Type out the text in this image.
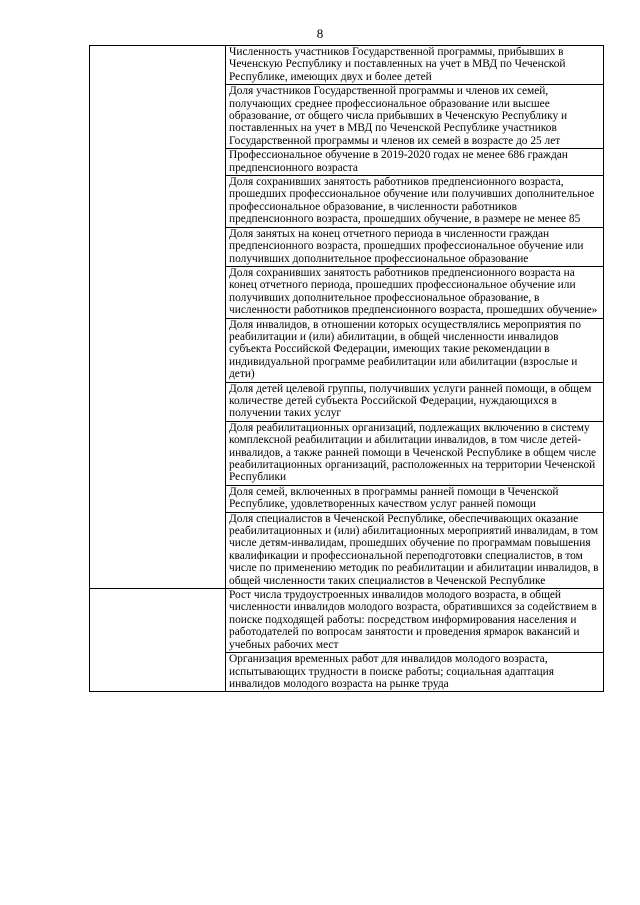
8
	Численность участников Государственной программы, прибывших в Чеченскую Республику и поставленных на учет в МВД по Чеченской Республике, имеющих двух и более детей
	Доля участников Государственной программы и членов их семей, получающих среднее профессиональное образование или высшее образование, от общего числа прибывших в Чеченскую Республику и поставленных на учет в МВД по Чеченской Республике участников Государственной программы и членов их семей в возрасте до 25 лет
	Профессиональное обучение в 2019-2020 годах не менее 686 граждан предпенсионного возраста
	Доля сохранивших занятость работников предпенсионного возраста, прошедших профессиональное обучение или получивших дополнительное профессиональное образование, в численности работников предпенсионного возраста, прошедших обучение, в размере не менее 85
	Доля занятых на конец отчетного периода в численности граждан предпенсионного возраста, прошедших профессиональное обучение или получивших дополнительное профессиональное образование
	Доля сохранивших занятость работников предпенсионного возраста на конец отчетного периода, прошедших профессиональное обучение или получивших дополнительное профессиональное образование, в численности работников предпенсионного возраста, прошедших обучение»
	Доля инвалидов, в отношении которых осуществлялись мероприятия по реабилитации и (или) абилитации, в общей численности инвалидов субъекта Российской Федерации, имеющих такие рекомендации в индивидуальной программе реабилитации или абилитации (взрослые и дети)
	Доля детей целевой группы, получивших услуги ранней помощи, в общем количестве детей субъекта Российской Федерации, нуждающихся в получении таких услуг
	Доля реабилитационных организаций, подлежащих включению в систему комплексной реабилитации и абилитации инвалидов, в том числе детей-инвалидов, а также ранней помощи в Чеченской Республике в общем числе реабилитационных организаций, расположенных на территории Чеченской Республики
	Доля семей, включенных в программы ранней помощи в Чеченской Республике, удовлетворенных качеством услуг ранней помощи
	Доля специалистов в Чеченской Республике, обеспечивающих оказание реабилитационных и (или) абилитационных мероприятий инвалидам, в том числе детям-инвалидам, прошедших обучение по программам повышения квалификации и профессиональной переподготовки специалистов, в том числе по применению методик по реабилитации и абилитации инвалидов, в общей численности таких специалистов в Чеченской Республике
	Рост числа трудоустроенных инвалидов молодого возраста, в общей численности инвалидов молодого возраста, обратившихся за содействием в поиске подходящей работы: посредством информирования населения и работодателей по вопросам занятости и проведения ярмарок вакансий и учебных рабочих мест
	Организация временных работ для инвалидов молодого возраста, испытывающих трудности в поиске работы; социальная адаптация инвалидов молодого возраста на рынке труда
